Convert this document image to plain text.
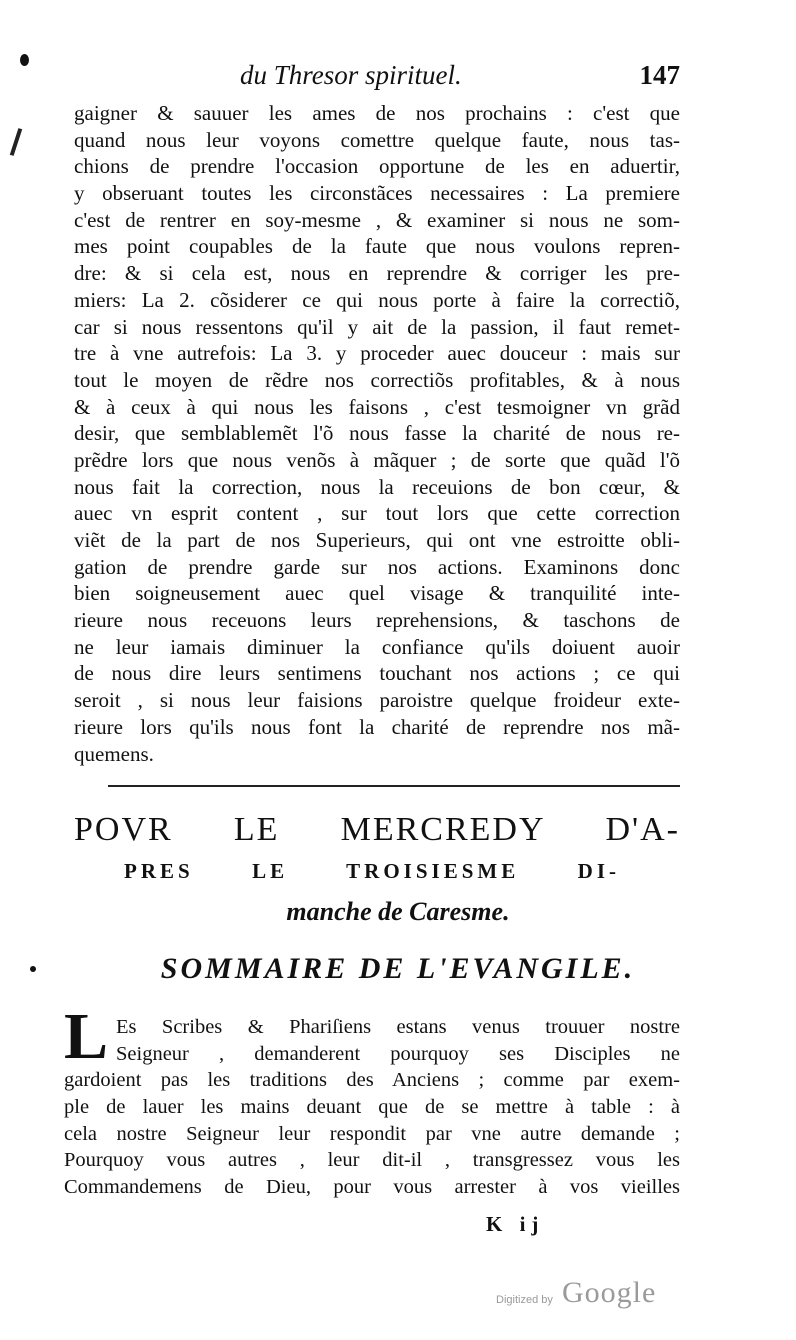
du Thresor spirituel.	147
gaigner & sauuer les ames de nos prochains : c'est que
quand nous leur voyons comettre quelque faute, nous tas-
chions de prendre l'occasion opportune de les en aduertir,
y obseruant toutes les circonstãces necessaires : La premiere
c'est de rentrer en soy-mesme , & examiner si nous ne som-
mes point coupables de la faute que nous voulons repren-
dre: & si cela est, nous en reprendre & corriger les pre-
miers: La 2. cõsiderer ce qui nous porte à faire la correctiõ,
car si nous ressentons qu'il y ait de la passion, il faut remet-
tre à vne autrefois: La 3. y proceder auec douceur : mais sur
tout le moyen de rẽdre nos correctiõs profitables, & à nous
& à ceux à qui nous les faisons , c'est tesmoigner vn grãd
desir, que semblablemẽt l'õ nous fasse la charité de nous re-
prẽdre lors que nous venõs à mãquer ; de sorte que quãd l'õ
nous fait la correction, nous la receuions de bon cœur, &
auec vn esprit content , sur tout lors que cette correction
viẽt de la part de nos Superieurs, qui ont vne estroitte obli-
gation de prendre garde sur nos actions. Examinons donc
bien soigneusement auec quel visage & tranquilité inte-
rieure nous receuons leurs reprehensions, & taschons de
ne leur iamais diminuer la confiance qu'ils doiuent auoir
de nous dire leurs sentimens touchant nos actions ; ce qui
seroit , si nous leur faisions paroistre quelque froideur exte-
rieure lors qu'ils nous font la charité de reprendre nos mã-
quemens.
POVR LE MERCREDY D'A-
PRES LE TROISIESME DI-
manche de Caresme.
SOMMAIRE DE L'EVANGILE.
L Es Scribes & Phariſiens estans venus trouuer nostre
Seigneur , demanderent pourquoy ses Disciples ne
gardoient pas les traditions des Anciens ; comme par exem-
ple de lauer les mains deuant que de se mettre à table : à
cela nostre Seigneur leur respondit par vne autre demande ;
Pourquoy vous autres , leur dit-il , transgressez vous les
Commandemens de Dieu, pour vous arrester à vos vieilles
K ij
Digitized by Google
